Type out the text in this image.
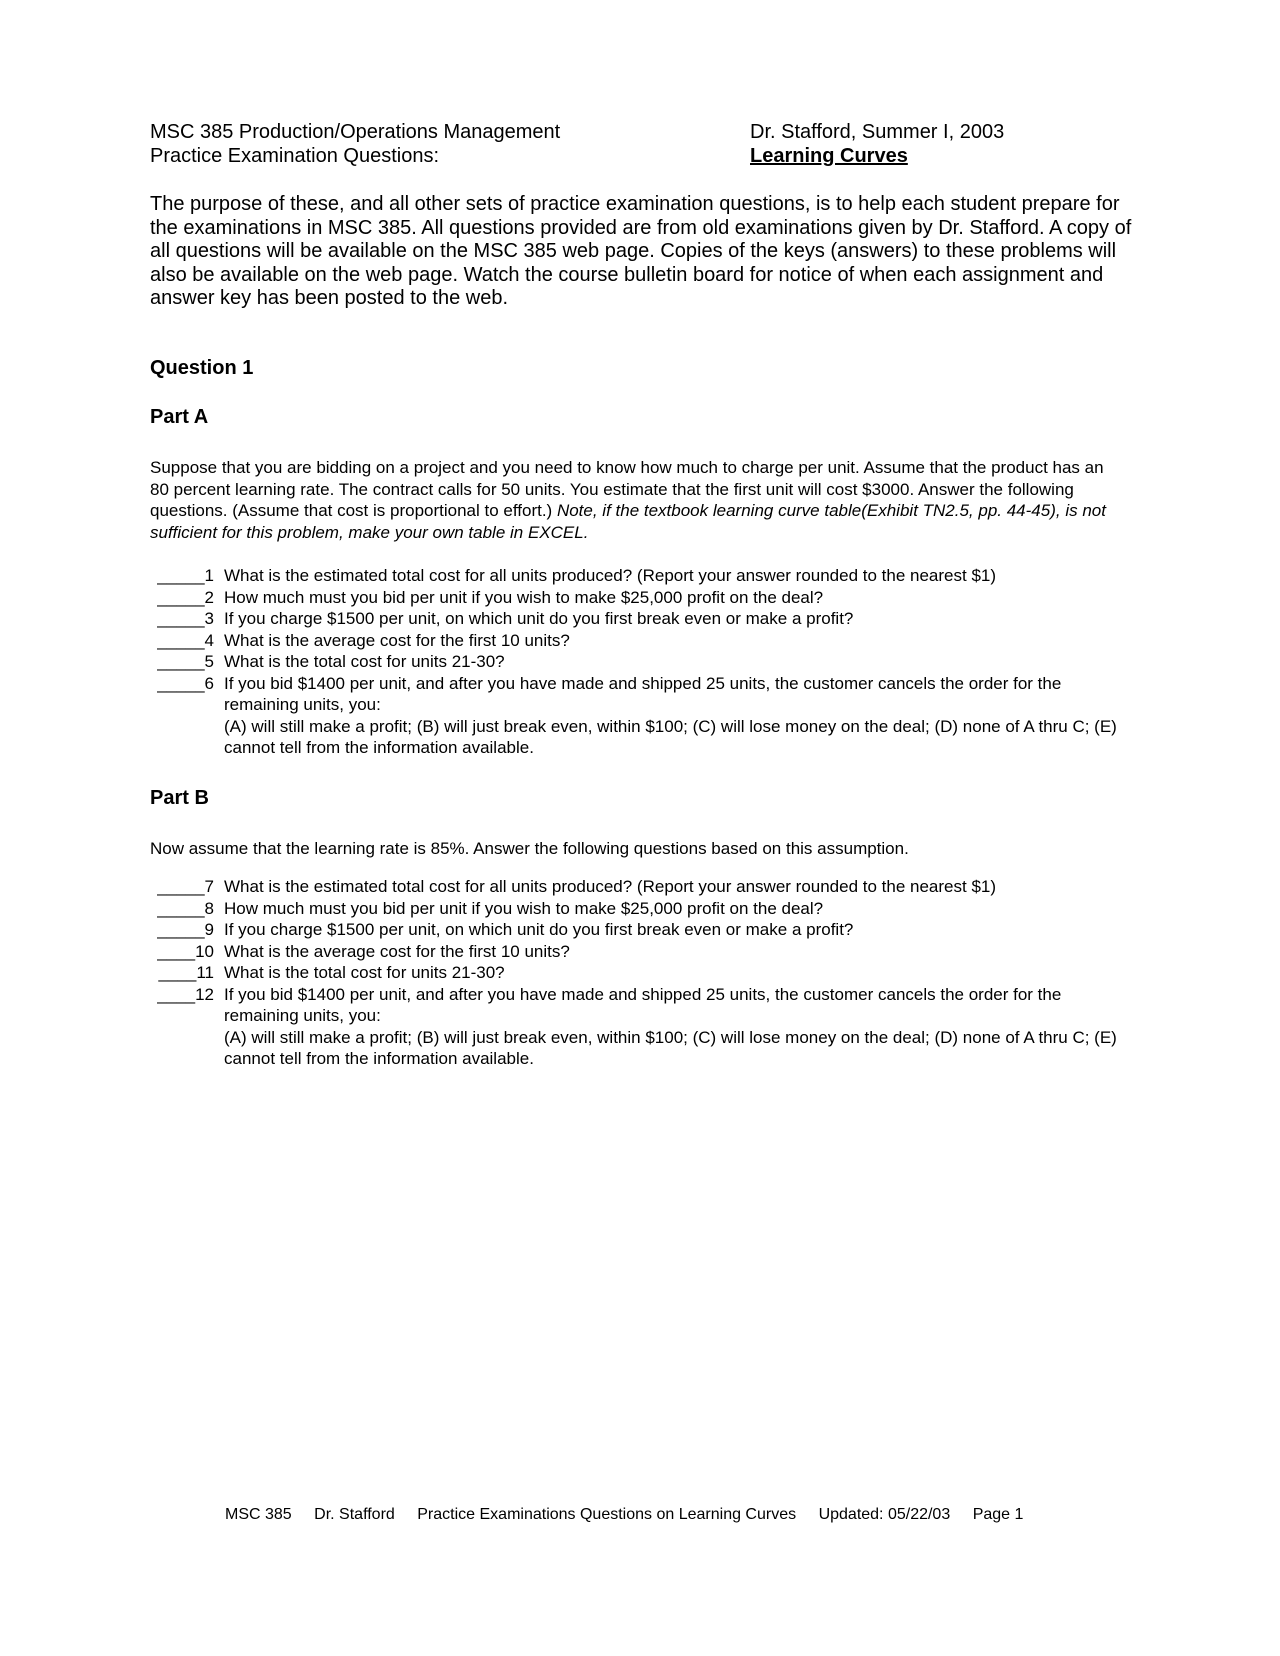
MSC 385 Production/Operations Management
Practice Examination Questions:
Dr. Stafford, Summer I, 2003
Learning Curves

The purpose of these, and all other sets of practice examination questions, is to help each student prepare for the examinations in MSC 385. All questions provided are from old examinations given by Dr. Stafford. A copy of all questions will be available on the MSC 385 web page. Copies of the keys (answers) to these problems will also be available on the web page. Watch the course bulletin board for notice of when each assignment and answer key has been posted to the web.

Question 1
Part A

Suppose that you are bidding on a project and you need to know how much to charge per unit. Assume that the product has an 80 percent learning rate. The contract calls for 50 units. You estimate that the first unit will cost $3000. Answer the following questions. (Assume that cost is proportional to effort.) Note, if the textbook learning curve table(Exhibit TN2.5, pp. 44-45), is not sufficient for this problem, make your own table in EXCEL.

_____1 What is the estimated total cost for all units produced? (Report your answer rounded to the nearest $1)
_____2 How much must you bid per unit if you wish to make $25,000 profit on the deal?
_____3 If you charge $1500 per unit, on which unit do you first break even or make a profit?
_____4 What is the average cost for the first 10 units?
_____5 What is the total cost for units 21-30?
_____6 If you bid $1400 per unit, and after you have made and shipped 25 units, the customer cancels the order for the remaining units, you:
(A) will still make a profit; (B) will just break even, within $100; (C) will lose money on the deal; (D) none of A thru C; (E) cannot tell from the information available.
Part B

Now assume that the learning rate is 85%. Answer the following questions based on this assumption.

_____7 What is the estimated total cost for all units produced? (Report your answer rounded to the nearest $1)
_____8 How much must you bid per unit if you wish to make $25,000 profit on the deal?
_____9 If you charge $1500 per unit, on which unit do you first break even or make a profit?
____10 What is the average cost for the first 10 units?
____11 What is the total cost for units 21-30?
____12 If you bid $1400 per unit, and after you have made and shipped 25 units, the customer cancels the order for the remaining units, you:
(A) will still make a profit; (B) will just break even, within $100; (C) will lose money on the deal; (D) none of A thru C; (E) cannot tell from the information available.
MSC 385 Dr. Stafford Practice Examinations Questions on Learning Curves Updated: 05/22/03 Page 1
